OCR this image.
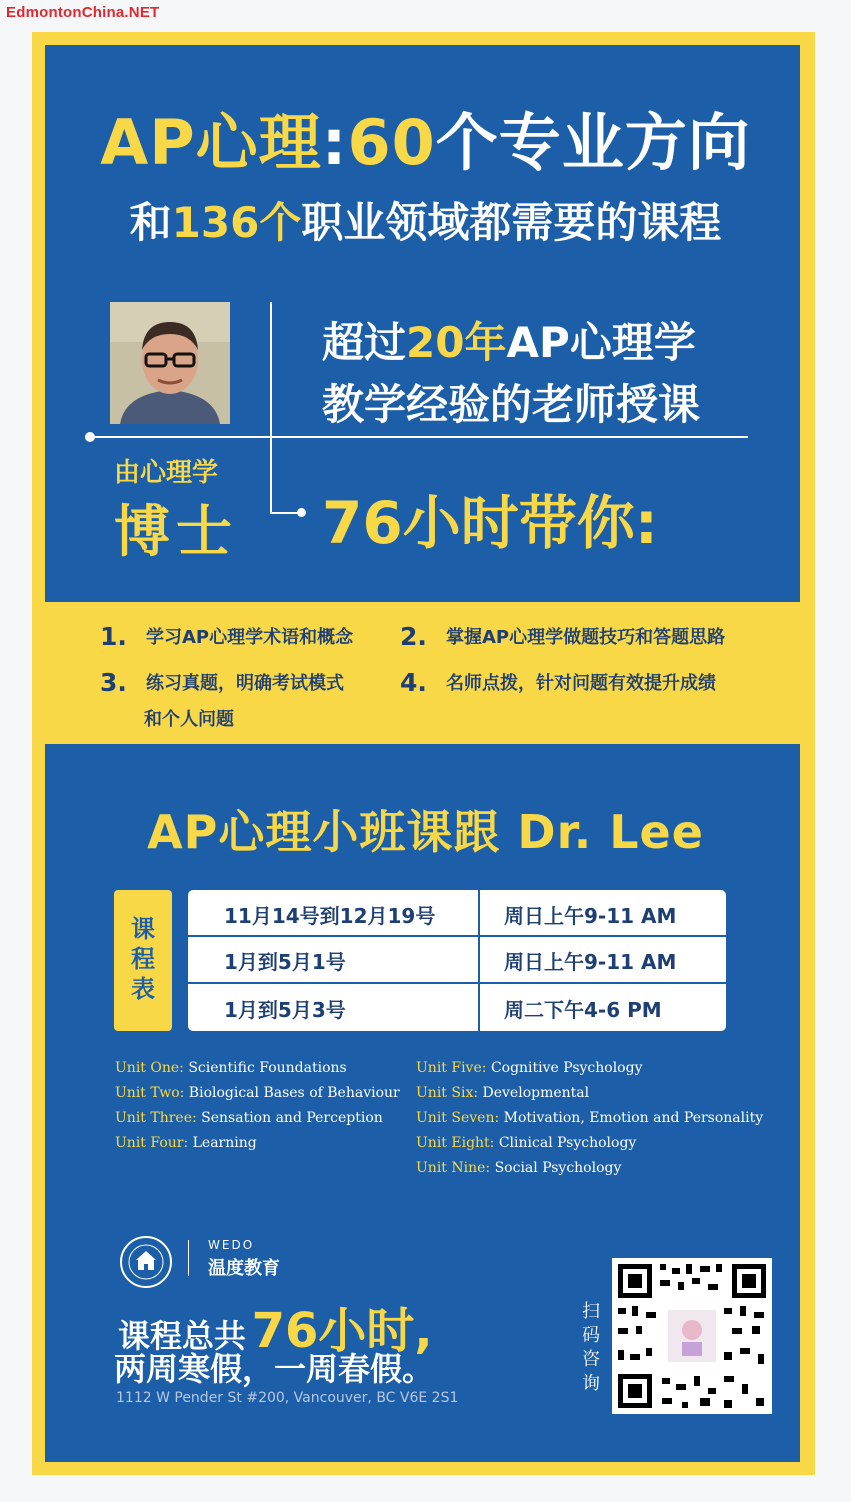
EdmontonChina.NET
AP心理:60个专业方向
和136个职业领域都需要的课程
由心理学
博士
超过20年AP心理学
教学经验的老师授课
76小时带你:
1. 学习AP心理学术语和概念 2. 掌握AP心理学做题技巧和答题思路
3. 练习真题，明确考试模式 4. 名师点拨，针对问题有效提升成绩
和个人问题
AP心理小班课跟 Dr. Lee
课
程
表
11月14号到12月19号	周日上午9-11 AM
1月到5月1号	周日上午9-11 AM
1月到5月3号	周二下午4-6 PM
Unit One: Scientific Foundations
Unit Two: Biological Bases of Behaviour
Unit Three: Sensation and Perception
Unit Four: Learning
Unit Five: Cognitive Psychology
Unit Six: Developmental
Unit Seven: Motivation, Emotion and Personality
Unit Eight: Clinical Psychology
Unit Nine: Social Psychology
WEDO
温度教育
课程总共 76小时,
两周寒假，一周春假。
1112 W Pender St #200, Vancouver, BC V6E 2S1
扫
码
咨
询
